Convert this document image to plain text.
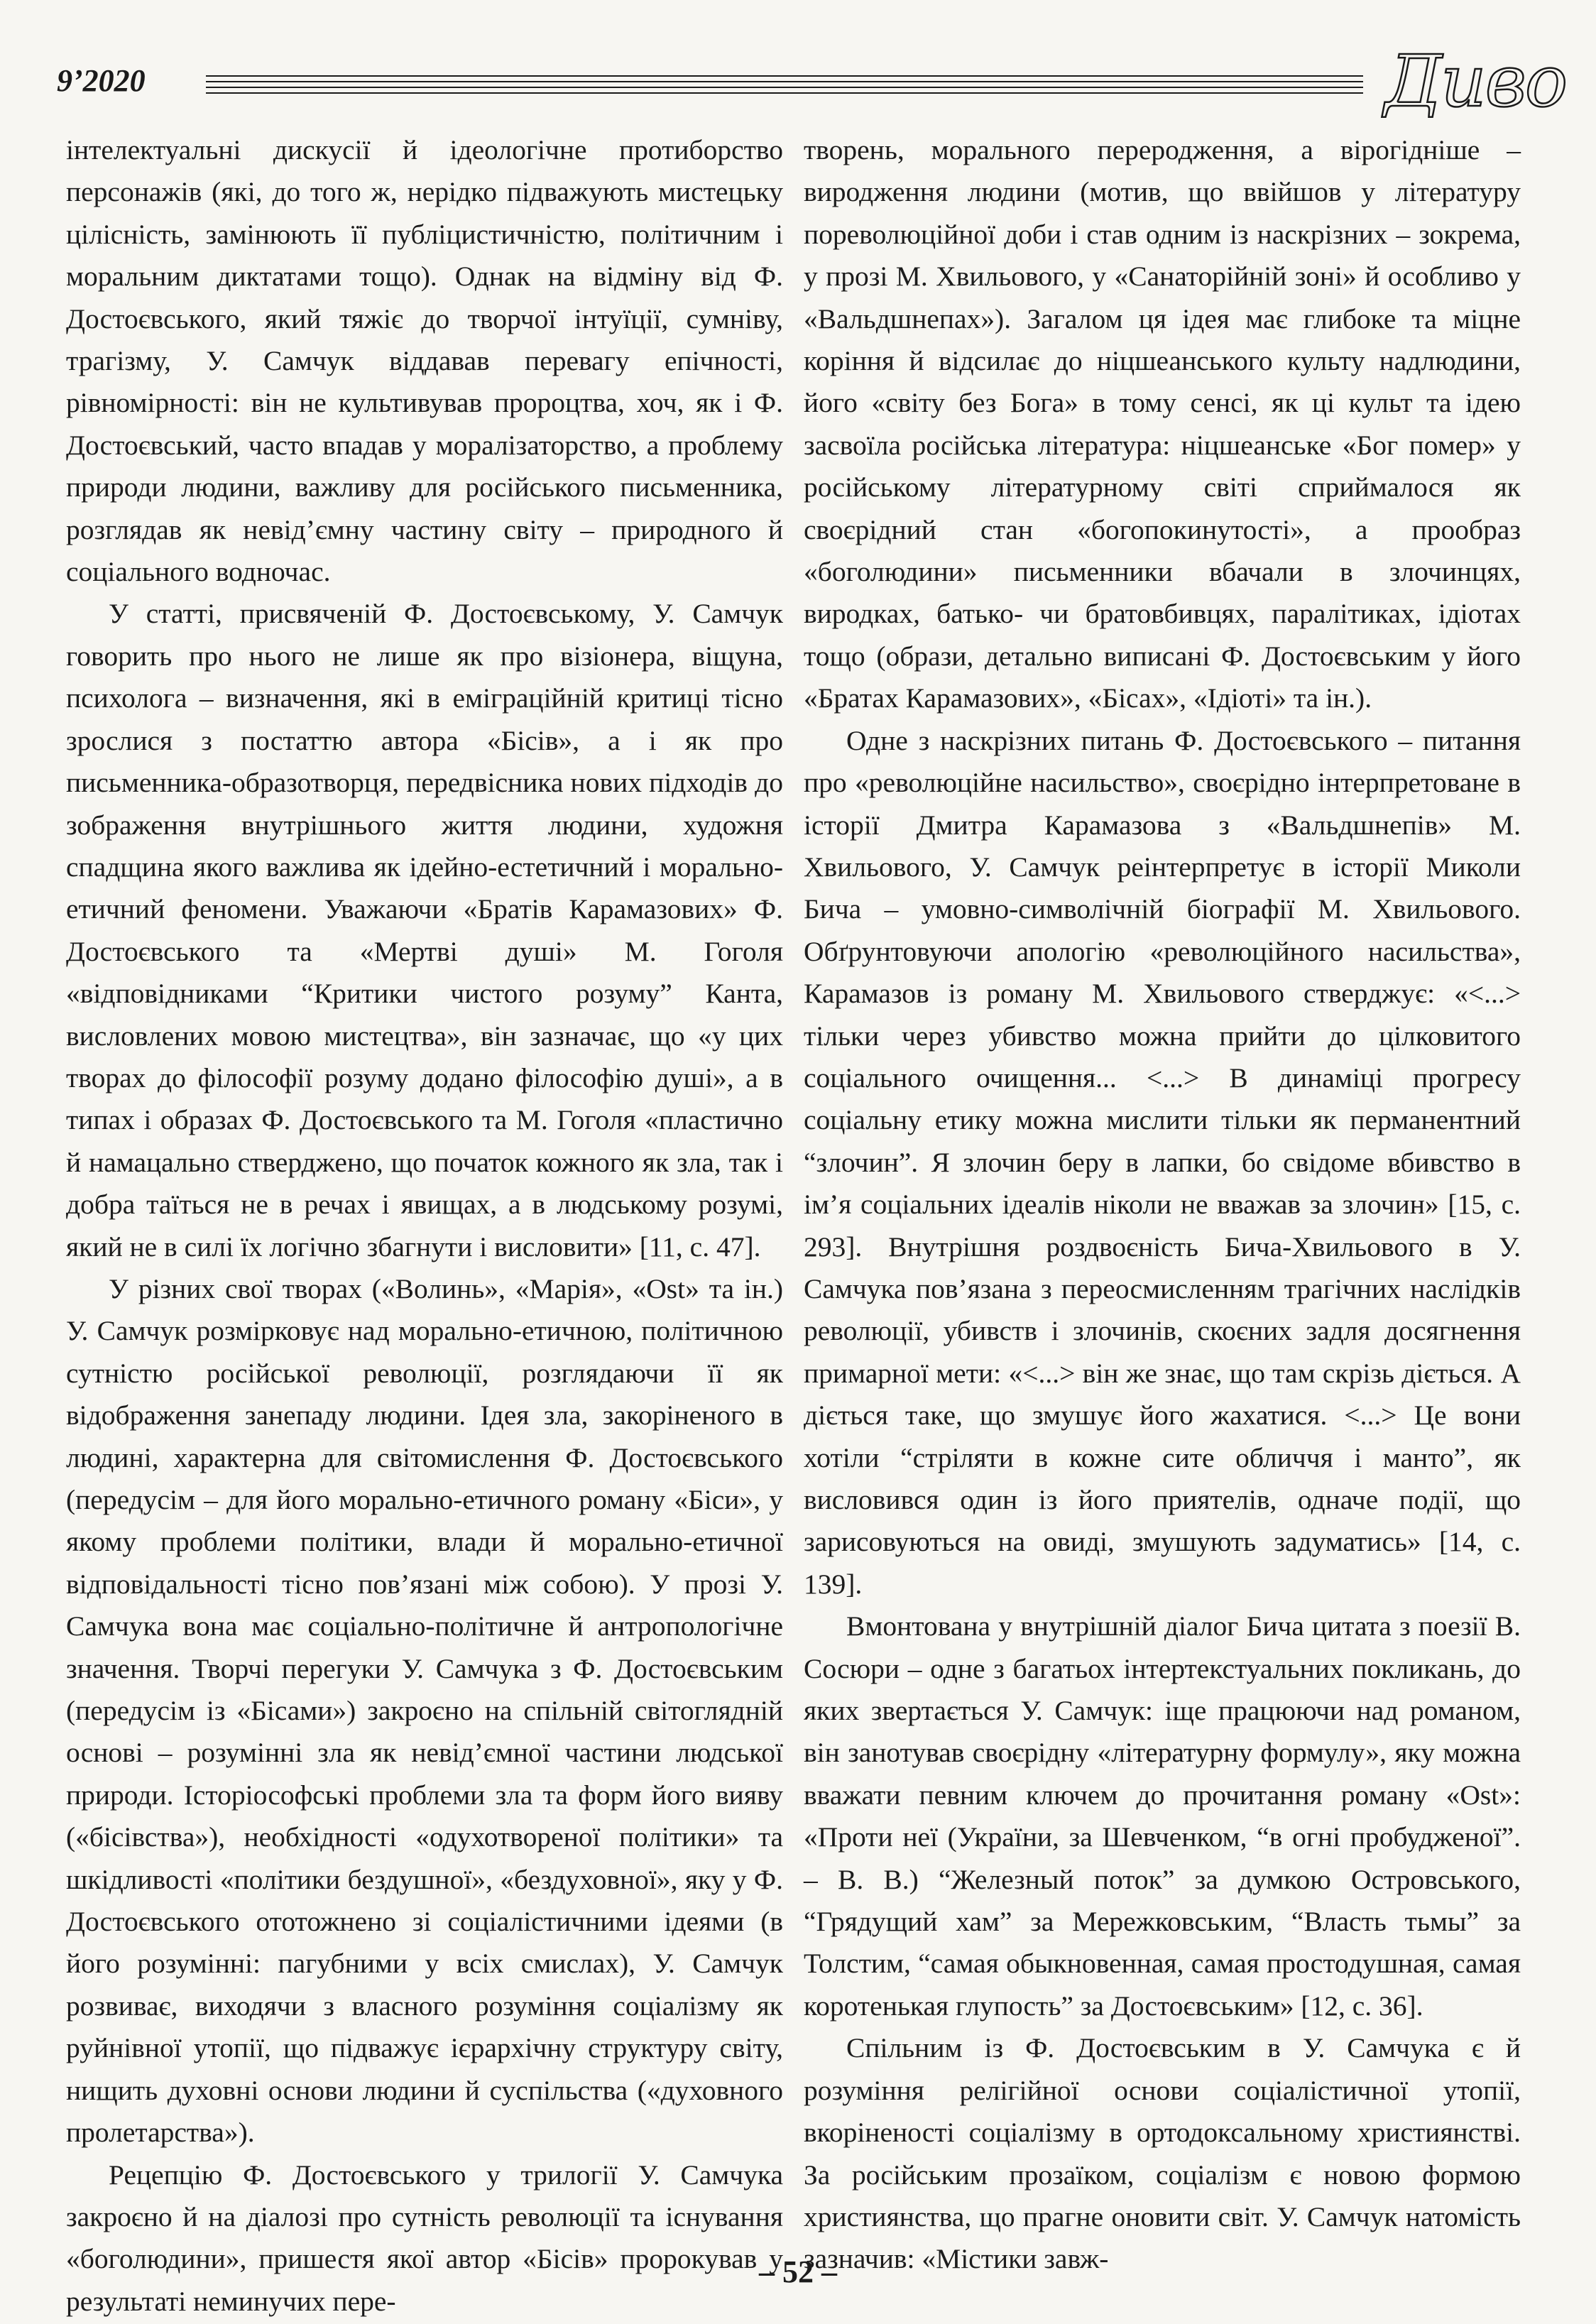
9’2020	Диво

інтелектуальні дискусії й ідеологічне протиборство персонажів (які, до того ж, нерідко підважують мистецьку цілісність, замінюють її публіцистичністю, політичним і моральним диктатами тощо). Однак на відміну від Ф. Достоєвського, який тяжіє до творчої інтуїції, сумніву, трагізму, У. Самчук віддавав перевагу епічності, рівномірності: він не культивував пророцтва, хоч, як і Ф. Достоєвський, часто впадав у моралізаторство, а проблему природи людини, важливу для російського письменника, розглядав як невід’ємну частину світу – природного й соціального водночас.

У статті, присвяченій Ф. Достоєвському, У. Самчук говорить про нього не лише як про візіонера, віщуна, психолога – визначення, які в еміграційній критиці тісно зрослися з постаттю автора «Бісів», а і як про письменника-образотворця, передвісника нових підходів до зображення внутрішнього життя людини, художня спадщина якого важлива як ідейно-естетичний і морально-етичний феномени. Уважаючи «Братів Карамазових» Ф. Достоєвського та «Мертві душі» М. Гоголя «відповідниками “Критики чистого розуму” Канта, висловлених мовою мистецтва», він зазначає, що «у цих творах до філософії розуму додано філософію душі», а в типах і образах Ф. Достоєвського та М. Гоголя «пластично й намацально стверджено, що початок кожного як зла, так і добра таїться не в речах і явищах, а в людському розумі, який не в силі їх логічно збагнути і висловити» [11, с. 47].

У різних свої творах («Волинь», «Марія», «Ost» та ін.) У. Самчук розмірковує над морально-етичною, політичною сутністю російської революції, розглядаючи її як відображення занепаду людини. Ідея зла, закоріненого в людині, характерна для світомислення Ф. Достоєвського (передусім – для його морально-етичного роману «Біси», у якому проблеми політики, влади й морально-етичної відповідальності тісно пов’язані між собою). У прозі У. Самчука вона має соціально-політичне й антропологічне значення. Творчі перегуки У. Самчука з Ф. Достоєвським (передусім із «Бісами») закроєно на спільній світоглядній основі – розумінні зла як невід’ємної частини людської природи. Історіософські проблеми зла та форм його вияву («бісівства»), необхідності «одухотвореної політики» та шкідливості «політики бездушної», «бездуховної», яку у Ф. Достоєвського ототожнено зі соціалістичними ідеями (в його розумінні: пагубними у всіх смислах), У. Самчук розвиває, виходячи з власного розуміння соціалізму як руйнівної утопії, що підважує ієрархічну структуру світу, нищить духовні основи людини й суспільства («духовного пролетарства»).

Рецепцію Ф. Достоєвського у трилогії У. Самчука закроєно й на діалозі про сутність революції та існування «боголюдини», пришестя якої автор «Бісів» пророкував у результаті неминучих пере-

творень, морального переродження, а вірогідніше – виродження людини (мотив, що ввійшов у літературу пореволюційної доби і став одним із наскрізних – зокрема, у прозі М. Хвильового, у «Санаторійній зоні» й особливо у «Вальдшнепах»). Загалом ця ідея має глибоке та міцне коріння й відсилає до ніцшеанського культу надлюдини, його «світу без Бога» в тому сенсі, як ці культ та ідею засвоїла російська література: ніцшеанське «Бог помер» у російському літературному світі сприймалося як своєрідний стан «богопокинутості», а прообраз «боголюдини» письменники вбачали в злочинцях, виродках, батько- чи братовбивцях, паралітиках, ідіотах тощо (образи, детально виписані Ф. Достоєвським у його «Братах Карамазових», «Бісах», «Ідіоті» та ін.).

Одне з наскрізних питань Ф. Достоєвського – питання про «революційне насильство», своєрідно інтерпретоване в історії Дмитра Карамазова з «Вальдшнепів» М. Хвильового, У. Самчук реінтерпретує в історії Миколи Бича – умовно-символічній біографії М. Хвильового. Обґрунтовуючи апологію «революційного насильства», Карамазов із роману М. Хвильового стверджує: «<...> тільки через убивство можна прийти до цілковитого соціального очищення... <...> В динаміці прогресу соціальну етику можна мислити тільки як перманентний “злочин”. Я злочин беру в лапки, бо свідоме вбивство в ім’я соціальних ідеалів ніколи не вважав за злочин» [15, с. 293]. Внутрішня роздвоєність Бича-Хвильового в У. Самчука пов’язана з переосмисленням трагічних наслідків революції, убивств і злочинів, скоєних задля досягнення примарної мети: «<...> він же знає, що там скрізь діється. А діється таке, що змушує його жахатися. <...> Це вони хотіли “стріляти в кожне сите обличчя і манто”, як висловився один із його приятелів, одначе події, що зарисовуються на овиді, змушують задуматись» [14, с. 139].

Вмонтована у внутрішній діалог Бича цитата з поезії В. Сосюри – одне з багатьох інтертекстуальних покликань, до яких звертається У. Самчук: іще працюючи над романом, він занотував своєрідну «літературну формулу», яку можна вважати певним ключем до прочитання роману «Ost»: «Проти неї (України, за Шевченком, “в огні пробудженої”. – В. В.) “Железный поток” за думкою Островського, “Грядущий хам” за Мережковським, “Власть тьмы” за Толстим, “самая обыкновенная, самая простодушная, самая коротенькая глупость” за Достоєвським» [12, с. 36].

Спільним із Ф. Достоєвським в У. Самчука є й розуміння релігійної основи соціалістичної утопії, вкоріненості соціалізму в ортодоксальному християнстві. За російським прозаїком, соціалізм є новою формою християнства, що прагне оновити світ. У. Самчук натомість зазначив: «Містики завж-

– 52 –
